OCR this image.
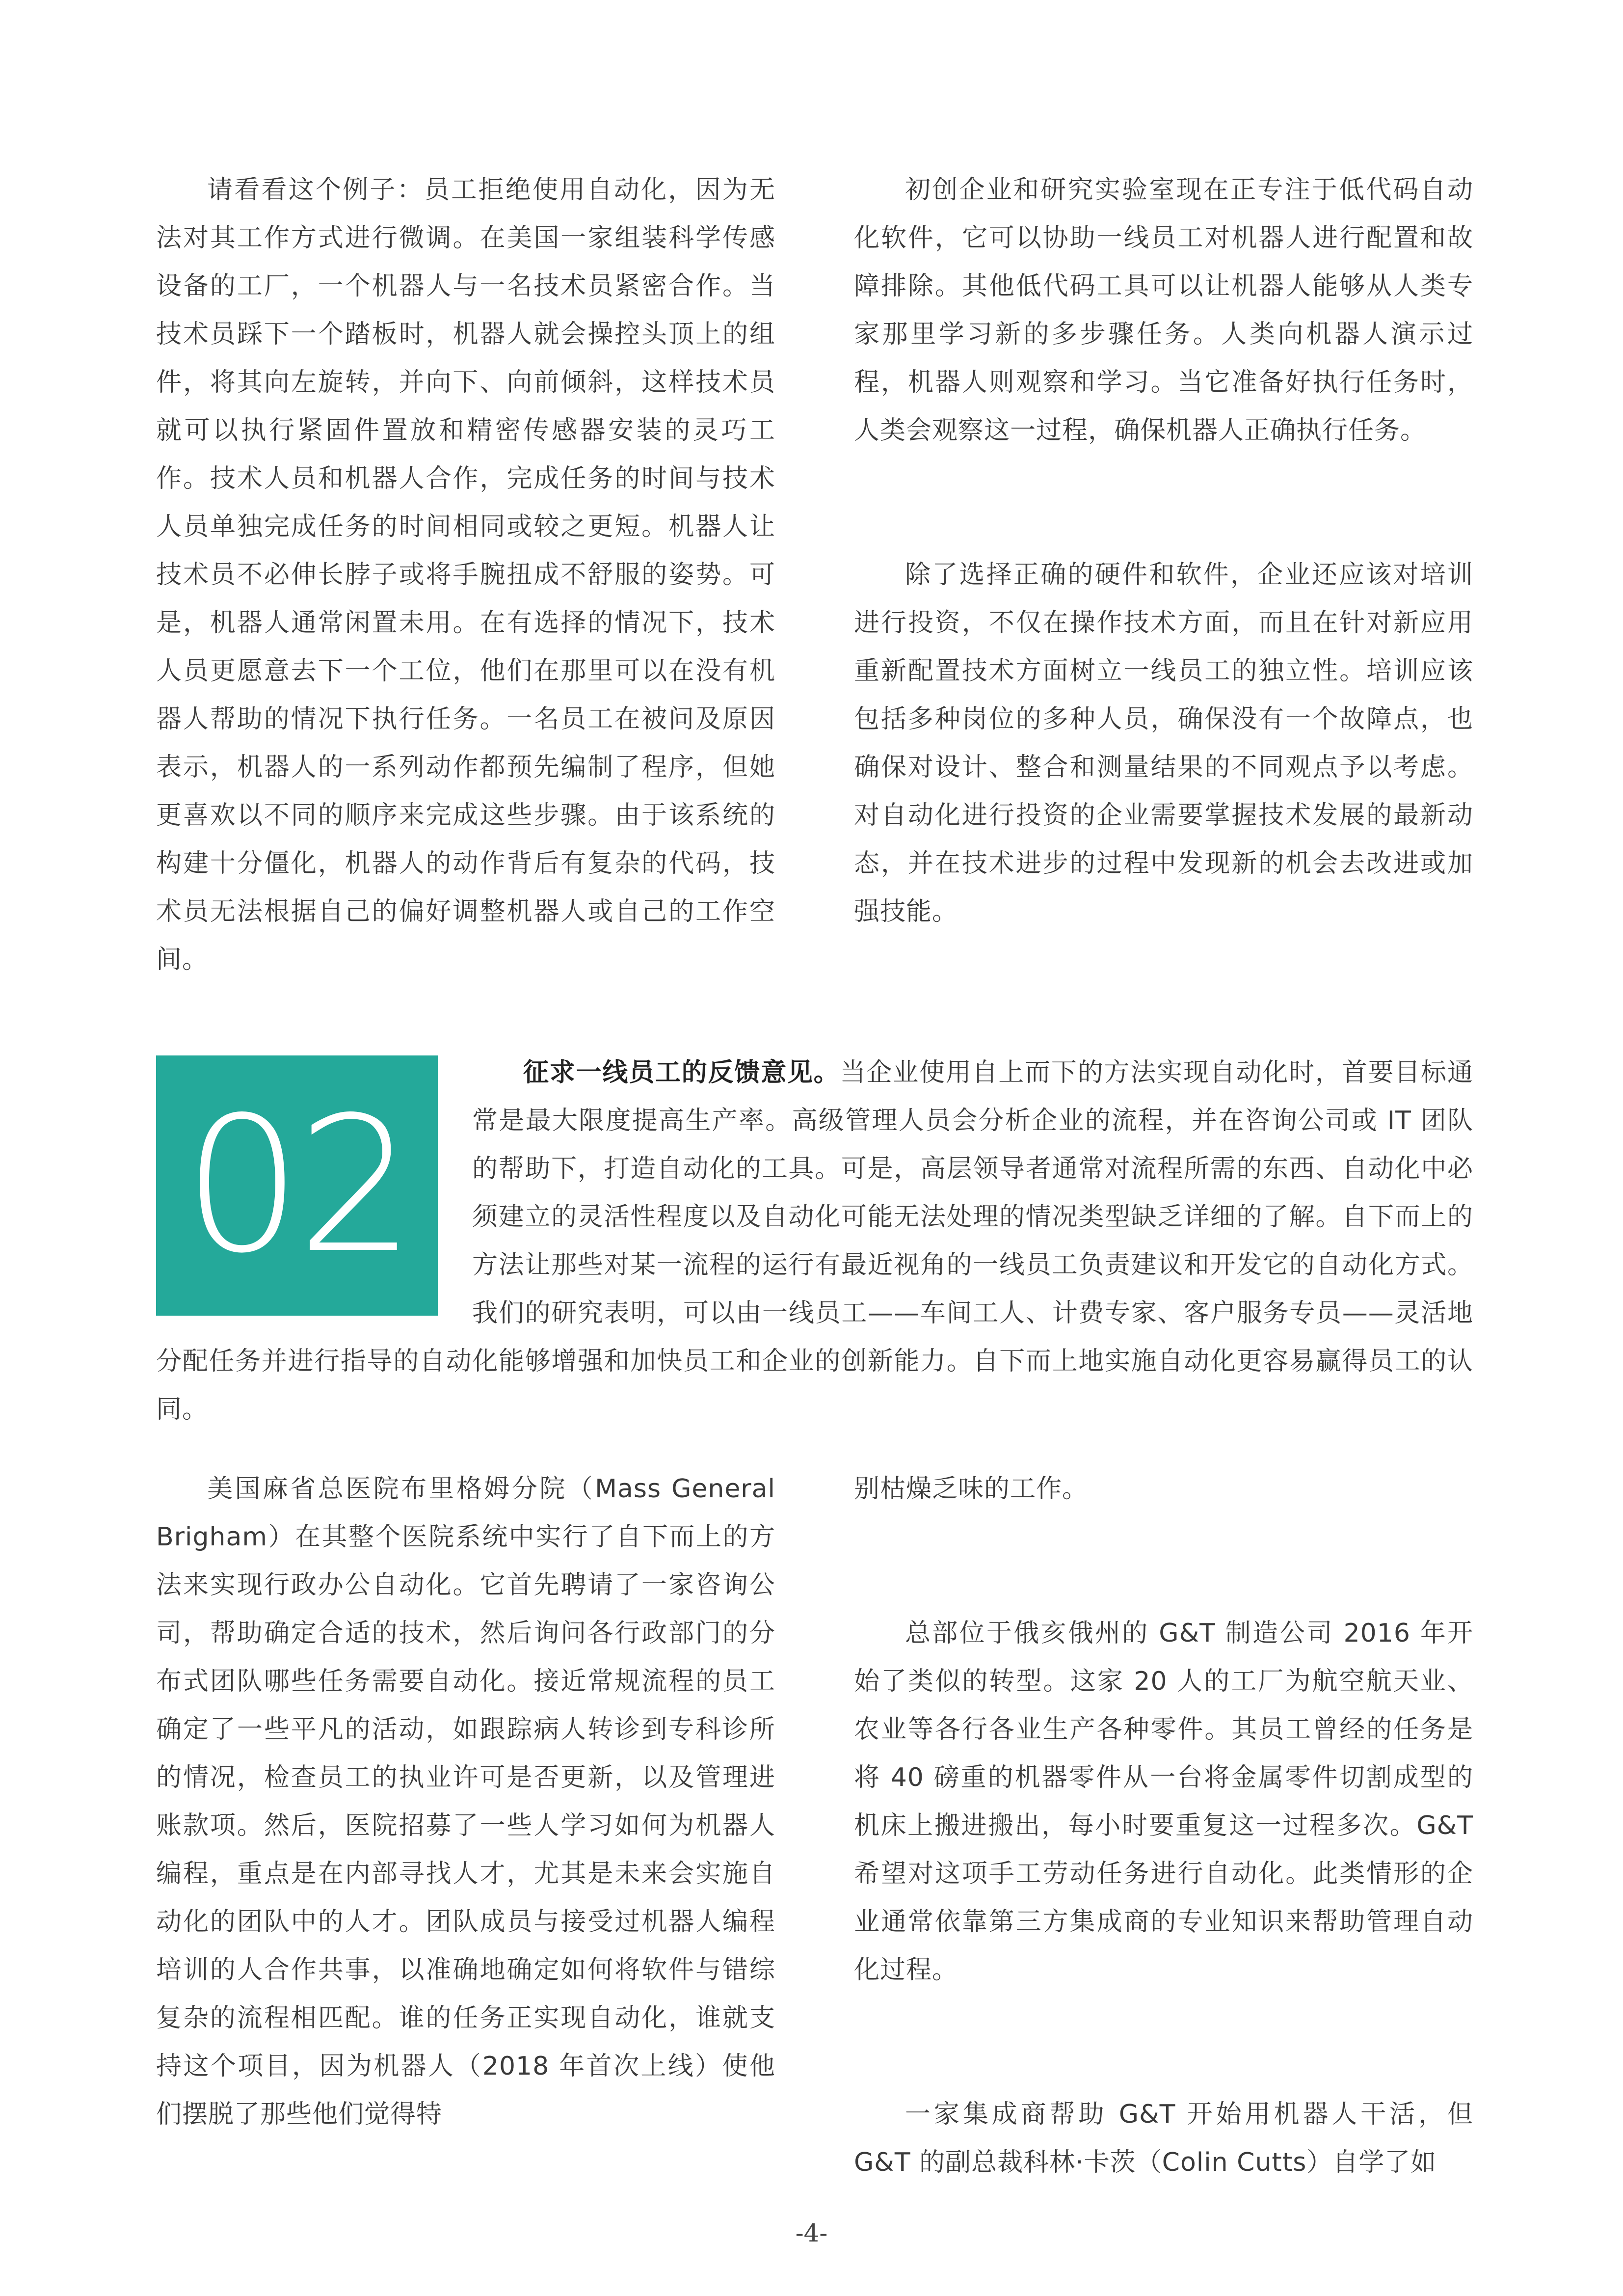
请看看这个例子：员工拒绝使用自动化，因为无法对其工作方式进行微调。在美国一家组装科学传感设备的工厂，一个机器人与一名技术员紧密合作。当技术员踩下一个踏板时，机器人就会操控头顶上的组件，将其向左旋转，并向下、向前倾斜，这样技术员就可以执行紧固件置放和精密传感器安装的灵巧工作。技术人员和机器人合作，完成任务的时间与技术人员单独完成任务的时间相同或较之更短。机器人让技术员不必伸长脖子或将手腕扭成不舒服的姿势。可是，机器人通常闲置未用。在有选择的情况下，技术人员更愿意去下一个工位，他们在那里可以在没有机器人帮助的情况下执行任务。一名员工在被问及原因表示，机器人的一系列动作都预先编制了程序，但她更喜欢以不同的顺序来完成这些步骤。由于该系统的构建十分僵化，机器人的动作背后有复杂的代码，技术员无法根据自己的偏好调整机器人或自己的工作空间。

初创企业和研究实验室现在正专注于低代码自动化软件，它可以协助一线员工对机器人进行配置和故障排除。其他低代码工具可以让机器人能够从人类专家那里学习新的多步骤任务。人类向机器人演示过程，机器人则观察和学习。当它准备好执行任务时，人类会观察这一过程，确保机器人正确执行任务。

除了选择正确的硬件和软件，企业还应该对培训进行投资，不仅在操作技术方面，而且在针对新应用重新配置技术方面树立一线员工的独立性。培训应该包括多种岗位的多种人员，确保没有一个故障点，也确保对设计、整合和测量结果的不同观点予以考虑。对自动化进行投资的企业需要掌握技术发展的最新动态，并在技术进步的过程中发现新的机会去改进或加强技能。

02
征求一线员工的反馈意见。当企业使用自上而下的方法实现自动化时，首要目标通常是最大限度提高生产率。高级管理人员会分析企业的流程，并在咨询公司或 IT 团队的帮助下，打造自动化的工具。可是，高层领导者通常对流程所需的东西、自动化中必须建立的灵活性程度以及自动化可能无法处理的情况类型缺乏详细的了解。自下而上的方法让那些对某一流程的运行有最近视角的一线员工负责建议和开发它的自动化方式。我们的研究表明，可以由一线员工——车间工人、计费专家、客户服务专员——灵活地分配任务并进行指导的自动化能够增强和加快员工和企业的创新能力。自下而上地实施自动化更容易赢得员工的认同。

美国麻省总医院布里格姆分院（Mass General Brigham）在其整个医院系统中实行了自下而上的方法来实现行政办公自动化。它首先聘请了一家咨询公司，帮助确定合适的技术，然后询问各行政部门的分布式团队哪些任务需要自动化。接近常规流程的员工确定了一些平凡的活动，如跟踪病人转诊到专科诊所的情况，检查员工的执业许可是否更新，以及管理进账款项。然后，医院招募了一些人学习如何为机器人编程，重点是在内部寻找人才，尤其是未来会实施自动化的团队中的人才。团队成员与接受过机器人编程培训的人合作共事，以准确地确定如何将软件与错综复杂的流程相匹配。谁的任务正实现自动化，谁就支持这个项目，因为机器人（2018 年首次上线）使他们摆脱了那些他们觉得特

别枯燥乏味的工作。

总部位于俄亥俄州的 G&T 制造公司 2016 年开始了类似的转型。这家 20 人的工厂为航空航天业、农业等各行各业生产各种零件。其员工曾经的任务是将 40 磅重的机器零件从一台将金属零件切割成型的机床上搬进搬出，每小时要重复这一过程多次。G&T 希望对这项手工劳动任务进行自动化。此类情形的企业通常依靠第三方集成商的专业知识来帮助管理自动化过程。

一家集成商帮助 G&T 开始用机器人干活，但 G&T 的副总裁科林·卡茨（Colin Cutts）自学了如

-4-
